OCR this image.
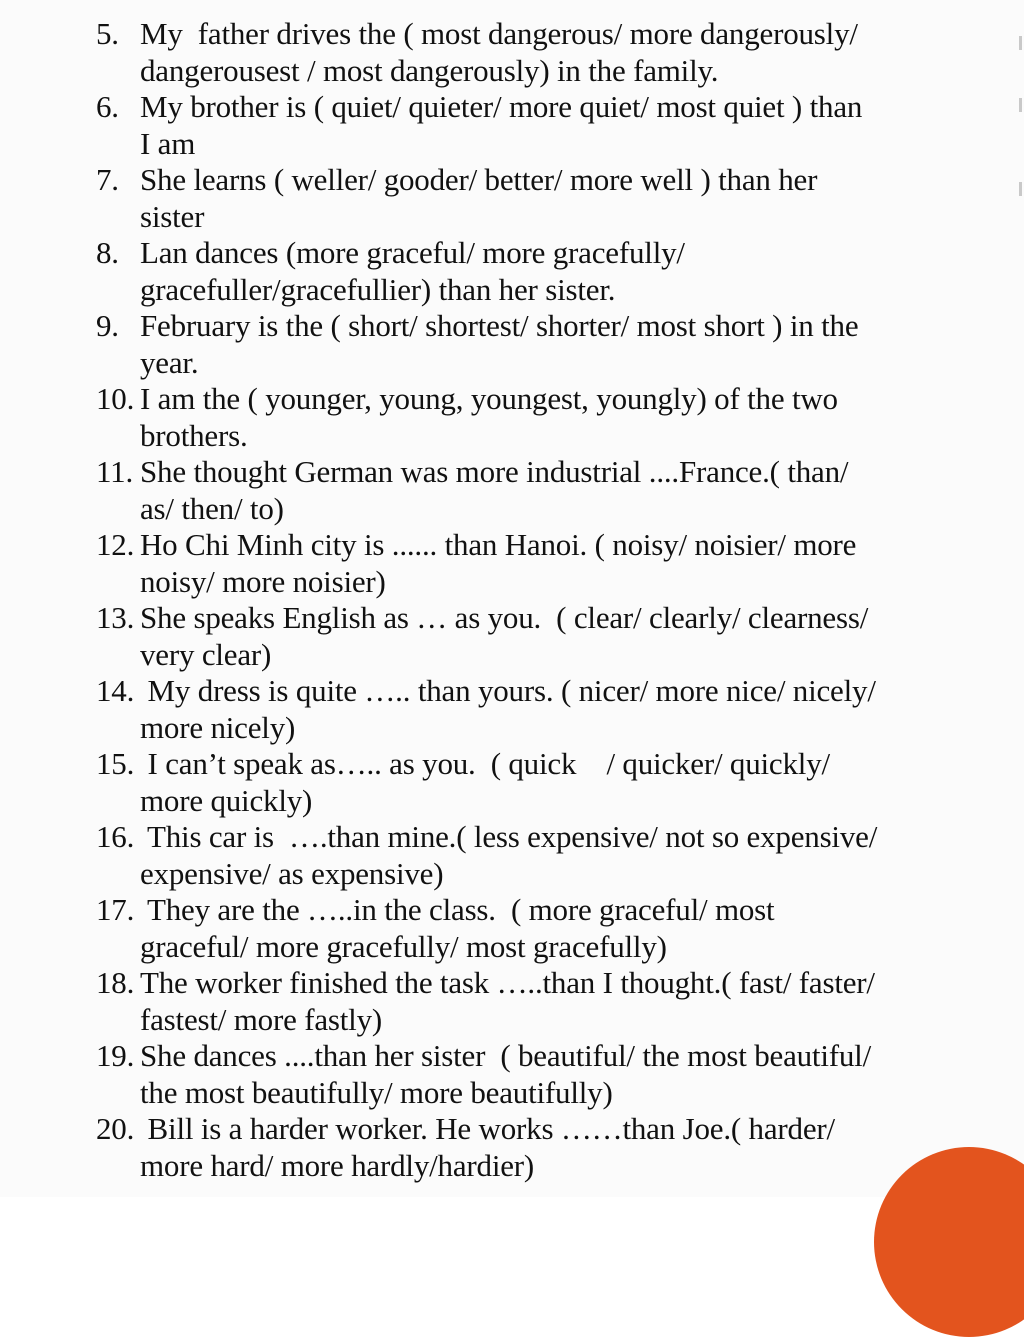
5. My  father drives the ( most dangerous/ more dangerously/
dangerousest / most dangerously) in the family.
6. My brother is ( quiet/ quieter/ more quiet/ most quiet ) than
I am
7. She learns ( weller/ gooder/ better/ more well ) than her
sister
8. Lan dances (more graceful/ more gracefully/
gracefuller/gracefullier) than her sister.
9. February is the ( short/ shortest/ shorter/ most short ) in the
year.
10. I am the ( younger, young, youngest, youngly) of the two
brothers.
11. She thought German was more industrial ....France.( than/
as/ then/ to)
12. Ho Chi Minh city is ...... than Hanoi. ( noisy/ noisier/ more
noisy/ more noisier)
13. She speaks English as … as you.  ( clear/ clearly/ clearness/
very clear)
14. My dress is quite ….. than yours. ( nicer/ more nice/ nicely/
more nicely)
15. I can’t speak as….. as you.  ( quick    / quicker/ quickly/
more quickly)
16. This car is  ….than mine.( less expensive/ not so expensive/
expensive/ as expensive)
17. They are the …..in the class.  ( more graceful/ most
graceful/ more gracefully/ most gracefully)
18. The worker finished the task …..than I thought.( fast/ faster/
fastest/ more fastly)
19. She dances ....than her sister  ( beautiful/ the most beautiful/
the most beautifully/ more beautifully)
20. Bill is a harder worker. He works ……than Joe.( harder/
more hard/ more hardly/hardier)
